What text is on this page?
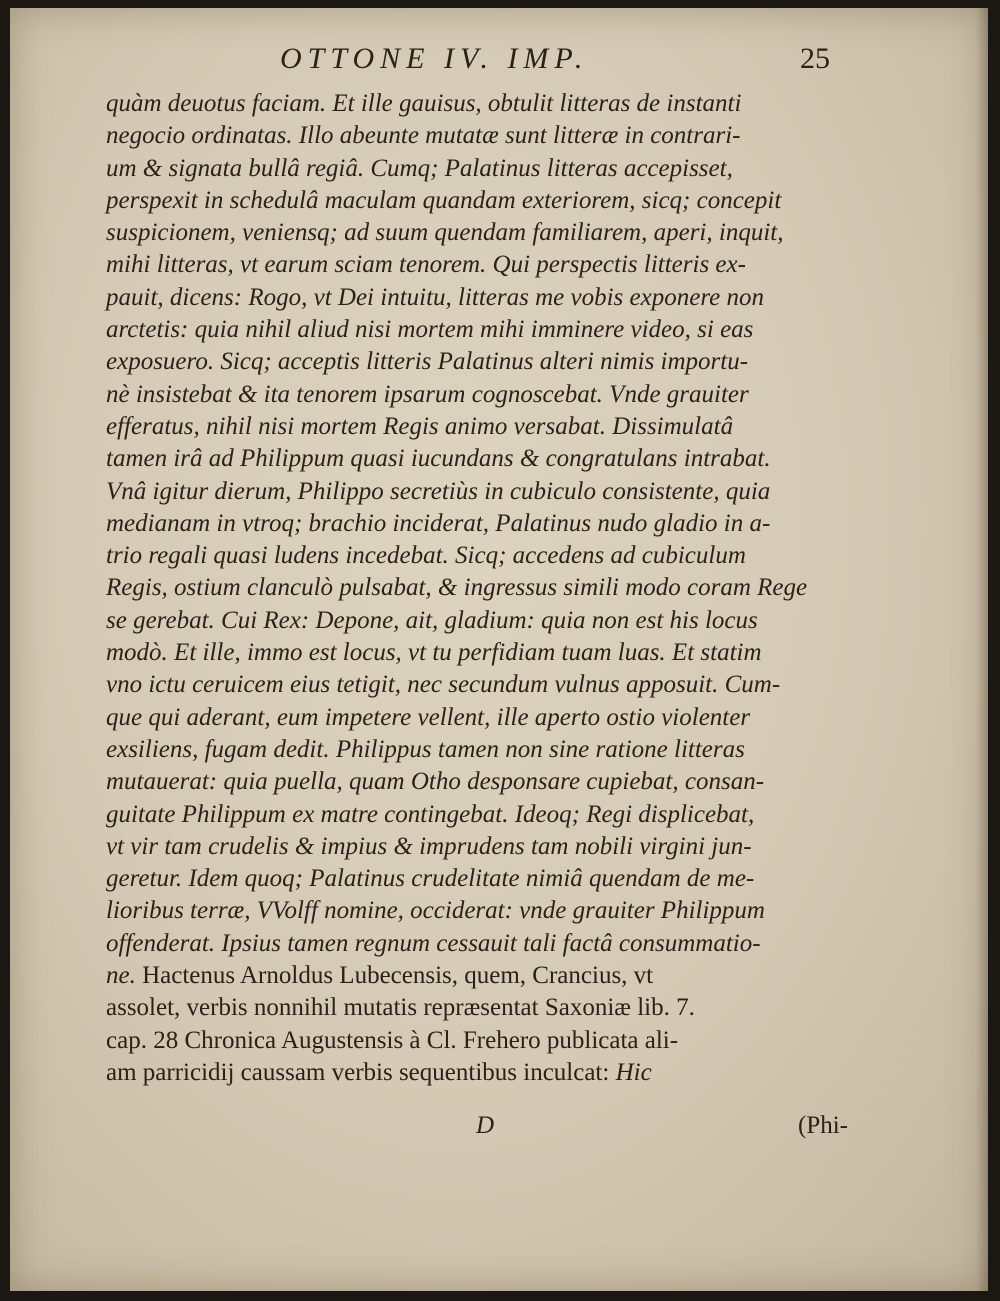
OTTONE IV. IMP.	25
quàm deuotus faciam. Et ille gauisus, obtulit litteras de instanti
negocio ordinatas. Illo abeunte mutatæ sunt litteræ in contrari-
um & signata bullâ regiâ. Cumq; Palatinus litteras accepisset,
perspexit in schedulâ maculam quandam exteriorem, sicq; concepit
suspicionem, veniensq; ad suum quendam familiarem, aperi, inquit,
mihi litteras, vt earum sciam tenorem. Qui perspectis litteris ex-
pauit, dicens: Rogo, vt Dei intuitu, litteras me vobis exponere non
arctetis: quia nihil aliud nisi mortem mihi imminere video, si eas
exposuero. Sicq; acceptis litteris Palatinus alteri nimis importu-
nè insistebat & ita tenorem ipsarum cognoscebat. Vnde grauiter
efferatus, nihil nisi mortem Regis animo versabat. Dissimulatâ
tamen irâ ad Philippum quasi iucundans & congratulans intrabat.
Vnâ igitur dierum, Philippo secretiùs in cubiculo consistente, quia
medianam in vtroq; brachio inciderat, Palatinus nudo gladio in a-
trio regali quasi ludens incedebat. Sicq; accedens ad cubiculum
Regis, ostium clanculò pulsabat, & ingressus simili modo coram Rege
se gerebat. Cui Rex: Depone, ait, gladium: quia non est his locus
modò. Et ille, immo est locus, vt tu perfidiam tuam luas. Et statim
vno ictu ceruicem eius tetigit, nec secundum vulnus apposuit. Cum-
que qui aderant, eum impetere vellent, ille aperto ostio violenter
exsiliens, fugam dedit. Philippus tamen non sine ratione litteras
mutauerat: quia puella, quam Otho desponsare cupiebat, consan-
guitate Philippum ex matre contingebat. Ideoq; Regi displicebat,
vt vir tam crudelis & impius & imprudens tam nobili virgini jun-
geretur. Idem quoq; Palatinus crudelitate nimiâ quendam de me-
lioribus terræ, VVolff nomine, occiderat: vnde grauiter Philippum
offenderat. Ipsius tamen regnum cessauit tali factâ consummatio-
ne. Hactenus Arnoldus Lubecensis, quem, Crancius, vt
assolet, verbis nonnihil mutatis repræsentat Saxoniæ lib. 7.
cap. 28 Chronica Augustensis à Cl. Frehero publicata ali-
am parricidij caussam verbis sequentibus inculcat: Hic
D	(Phi-
